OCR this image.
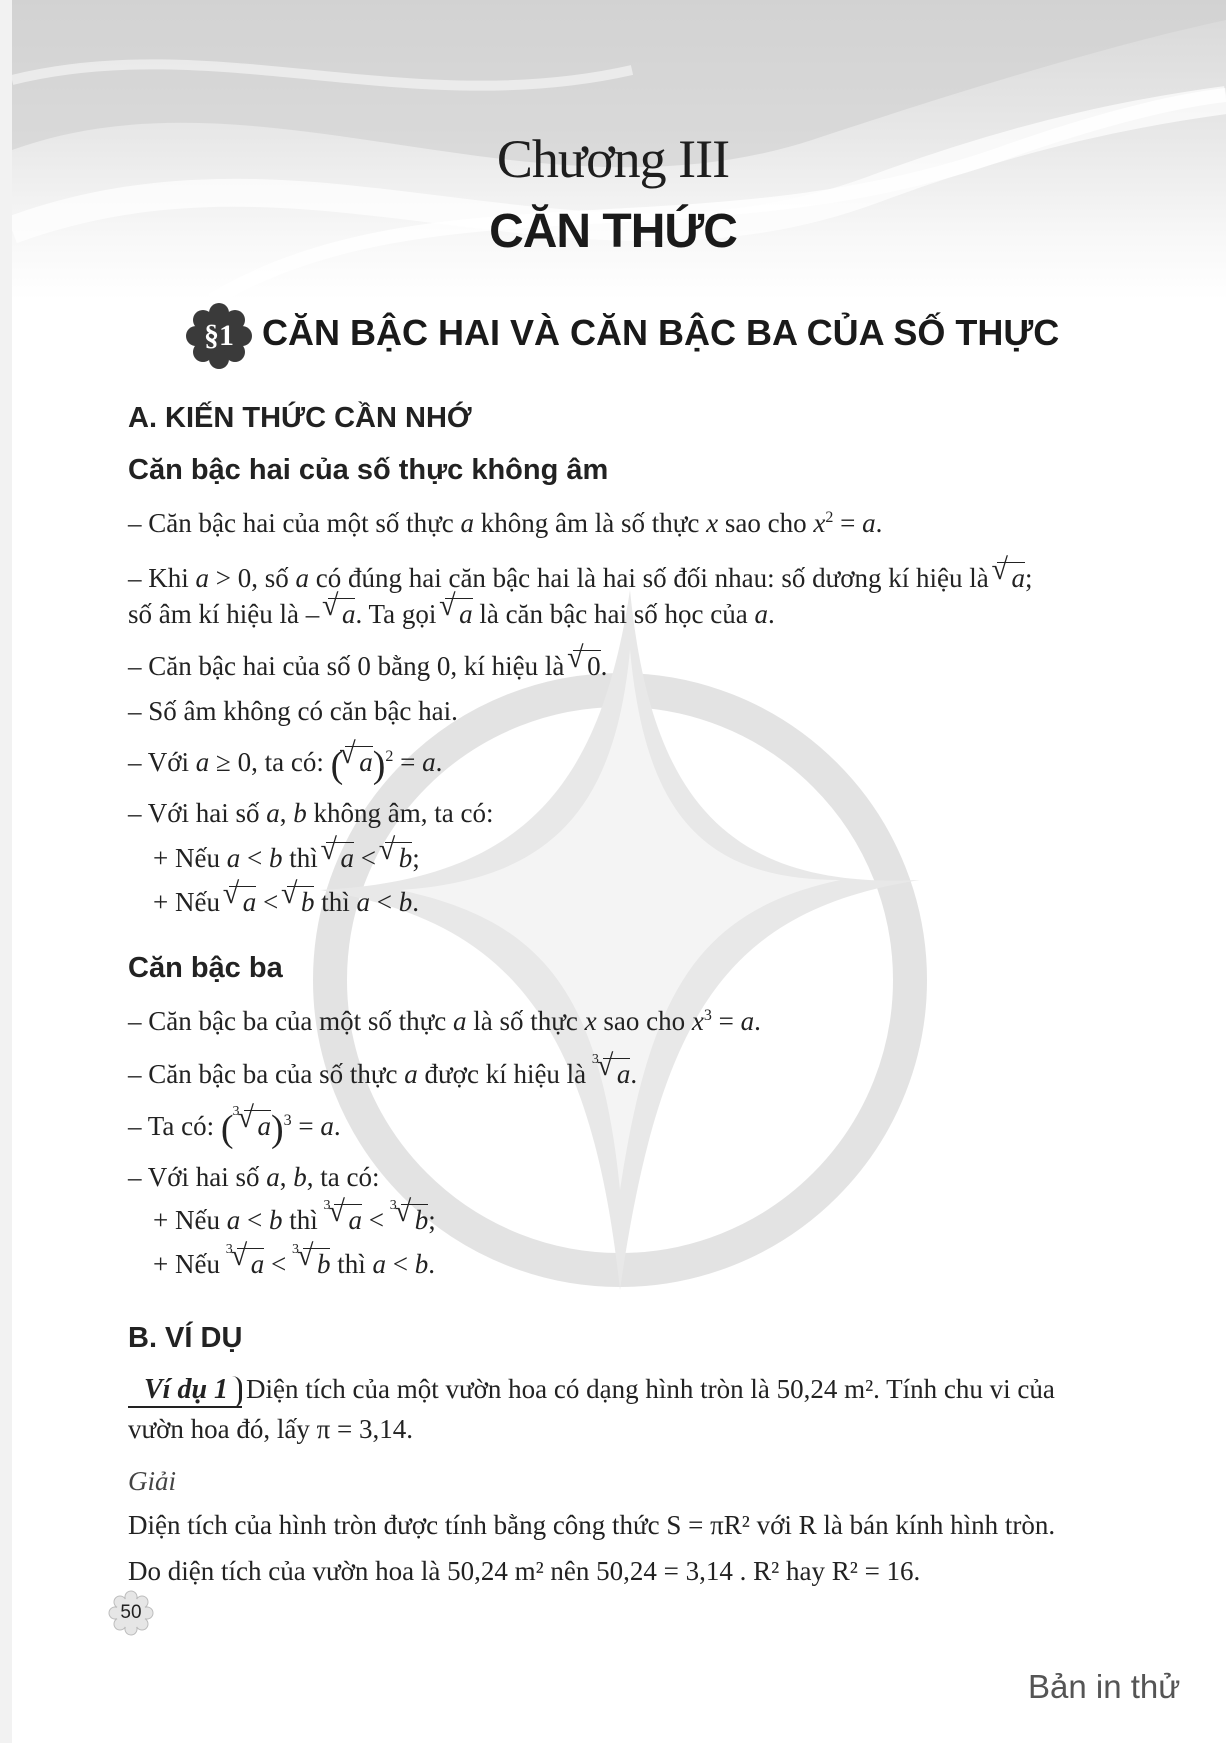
Chương III
CĂN THỨC
§1 CĂN BẬC HAI VÀ CĂN BẬC BA CỦA SỐ THỰC
A. KIẾN THỨC CẦN NHỚ
Căn bậc hai của số thực không âm
– Căn bậc hai của một số thực a không âm là số thực x sao cho $x^2 = a$.
– Khi a > 0, số a có đúng hai căn bậc hai là hai số đối nhau: số dương kí hiệu là √ a;
số âm kí hiệu là – √ a. Ta gọi √ a là căn bậc hai số học của a.
– Căn bậc hai của số 0 bằng 0, kí hiệu là √ 0.
– Số âm không có căn bậc hai.
– Với a ≥ 0, ta có: ( √ a)$^2$ = a.
– Với hai số a, b không âm, ta có:
+ Nếu a < b thì √ a < √ b;
+ Nếu √ a < √ b thì a < b.
Căn bậc ba
– Căn bậc ba của một số thực a là số thực x sao cho $x^3 = a$.
– Căn bậc ba của số thực a được kí hiệu là √ a 3.
– Ta có: ( √ a 3)$^3$ = a.
– Với hai số a, b, ta có:
+ Nếu a < b thì √ a 3 < √ b 3;
+ Nếu √ a 3 < √ b 3 thì a < b.
B. VÍ DỤ
Ví dụ 1 Diện tích của một vườn hoa có dạng hình tròn là 50,24 m². Tính chu vi của
vườn hoa đó, lấy π = 3,14.
Giải
Diện tích của hình tròn được tính bằng công thức S = πR² với R là bán kính hình tròn.
Do diện tích của vườn hoa là 50,24 m² nên 50,24 = 3,14 . R² hay R² = 16.
50
Bản in thử
